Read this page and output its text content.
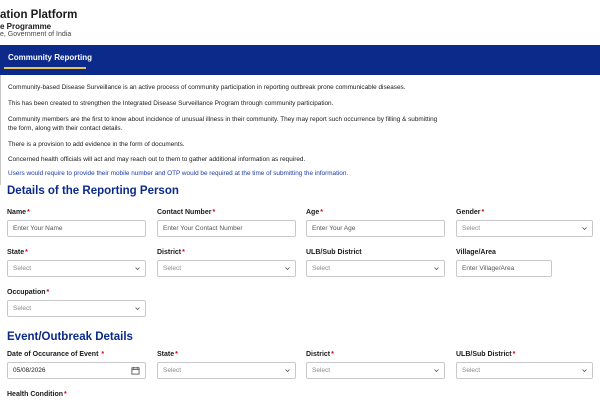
ation Platform
e Programme
e, Government of India
Community Reporting

Community-based Disease Surveillance is an active process of community participation in reporting outbreak prone communicable diseases.

This has been created to strengthen the Integrated Disease Surveillance Program through community participation.

Community members are the first to know about incidence of unusual illness in their community. They may report such occurrence by filling & submitting

the form, along with their contact details.

There is a provision to add evidence in the form of documents.

Concerned health officials will act and may reach out to them to gather additional information as required.

Users would require to provide their mobile number and OTP would be required at the time of submitting the information.

Details of the Reporting Person
Name*	Contact Number*	Age*	Gender*
Enter Your Name	Enter Your Contact Number	Enter Your Age	Select
State*	District*	ULB/Sub District	Village/Area
Select	Select	Select	Enter Village/Area
Occupation*
Select
Event/Outbreak Details
Date of Occurance of Event *	State*	District*	ULB/Sub District*
05/08/2026	Select	Select	Select
Health Condition*
